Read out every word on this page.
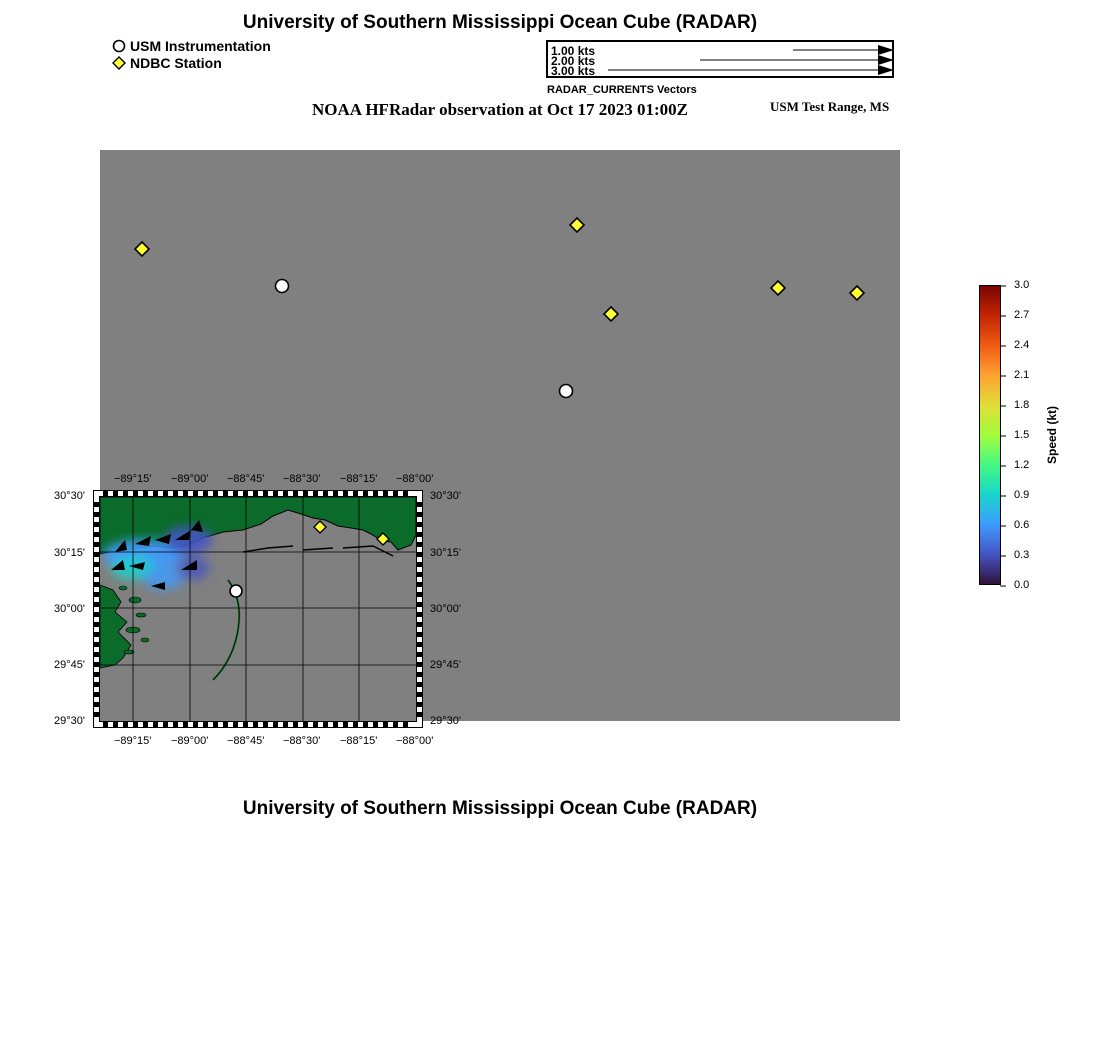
University of Southern Mississippi Ocean Cube (RADAR)
USM Instrumentation
NDBC Station
1.00 kts
2.00 kts
3.00 kts
RADAR_CURRENTS Vectors
NOAA HFRadar observation at Oct 17 2023 01:00Z	USM Test Range, MS
−89°15' −89°00' −88°45' −88°30' −88°15' −88°00'
−89°15' −89°00' −88°45' −88°30' −88°15' −88°00'
30°30'
30°15'
30°00'
29°45'
29°30'
30°30'
30°15'
30°00'
29°45'
29°30'
3.0
2.7
2.4
2.1
1.8
1.5
1.2
0.9
0.6
0.3
0.0
Speed (kt)
University of Southern Mississippi Ocean Cube (RADAR)
